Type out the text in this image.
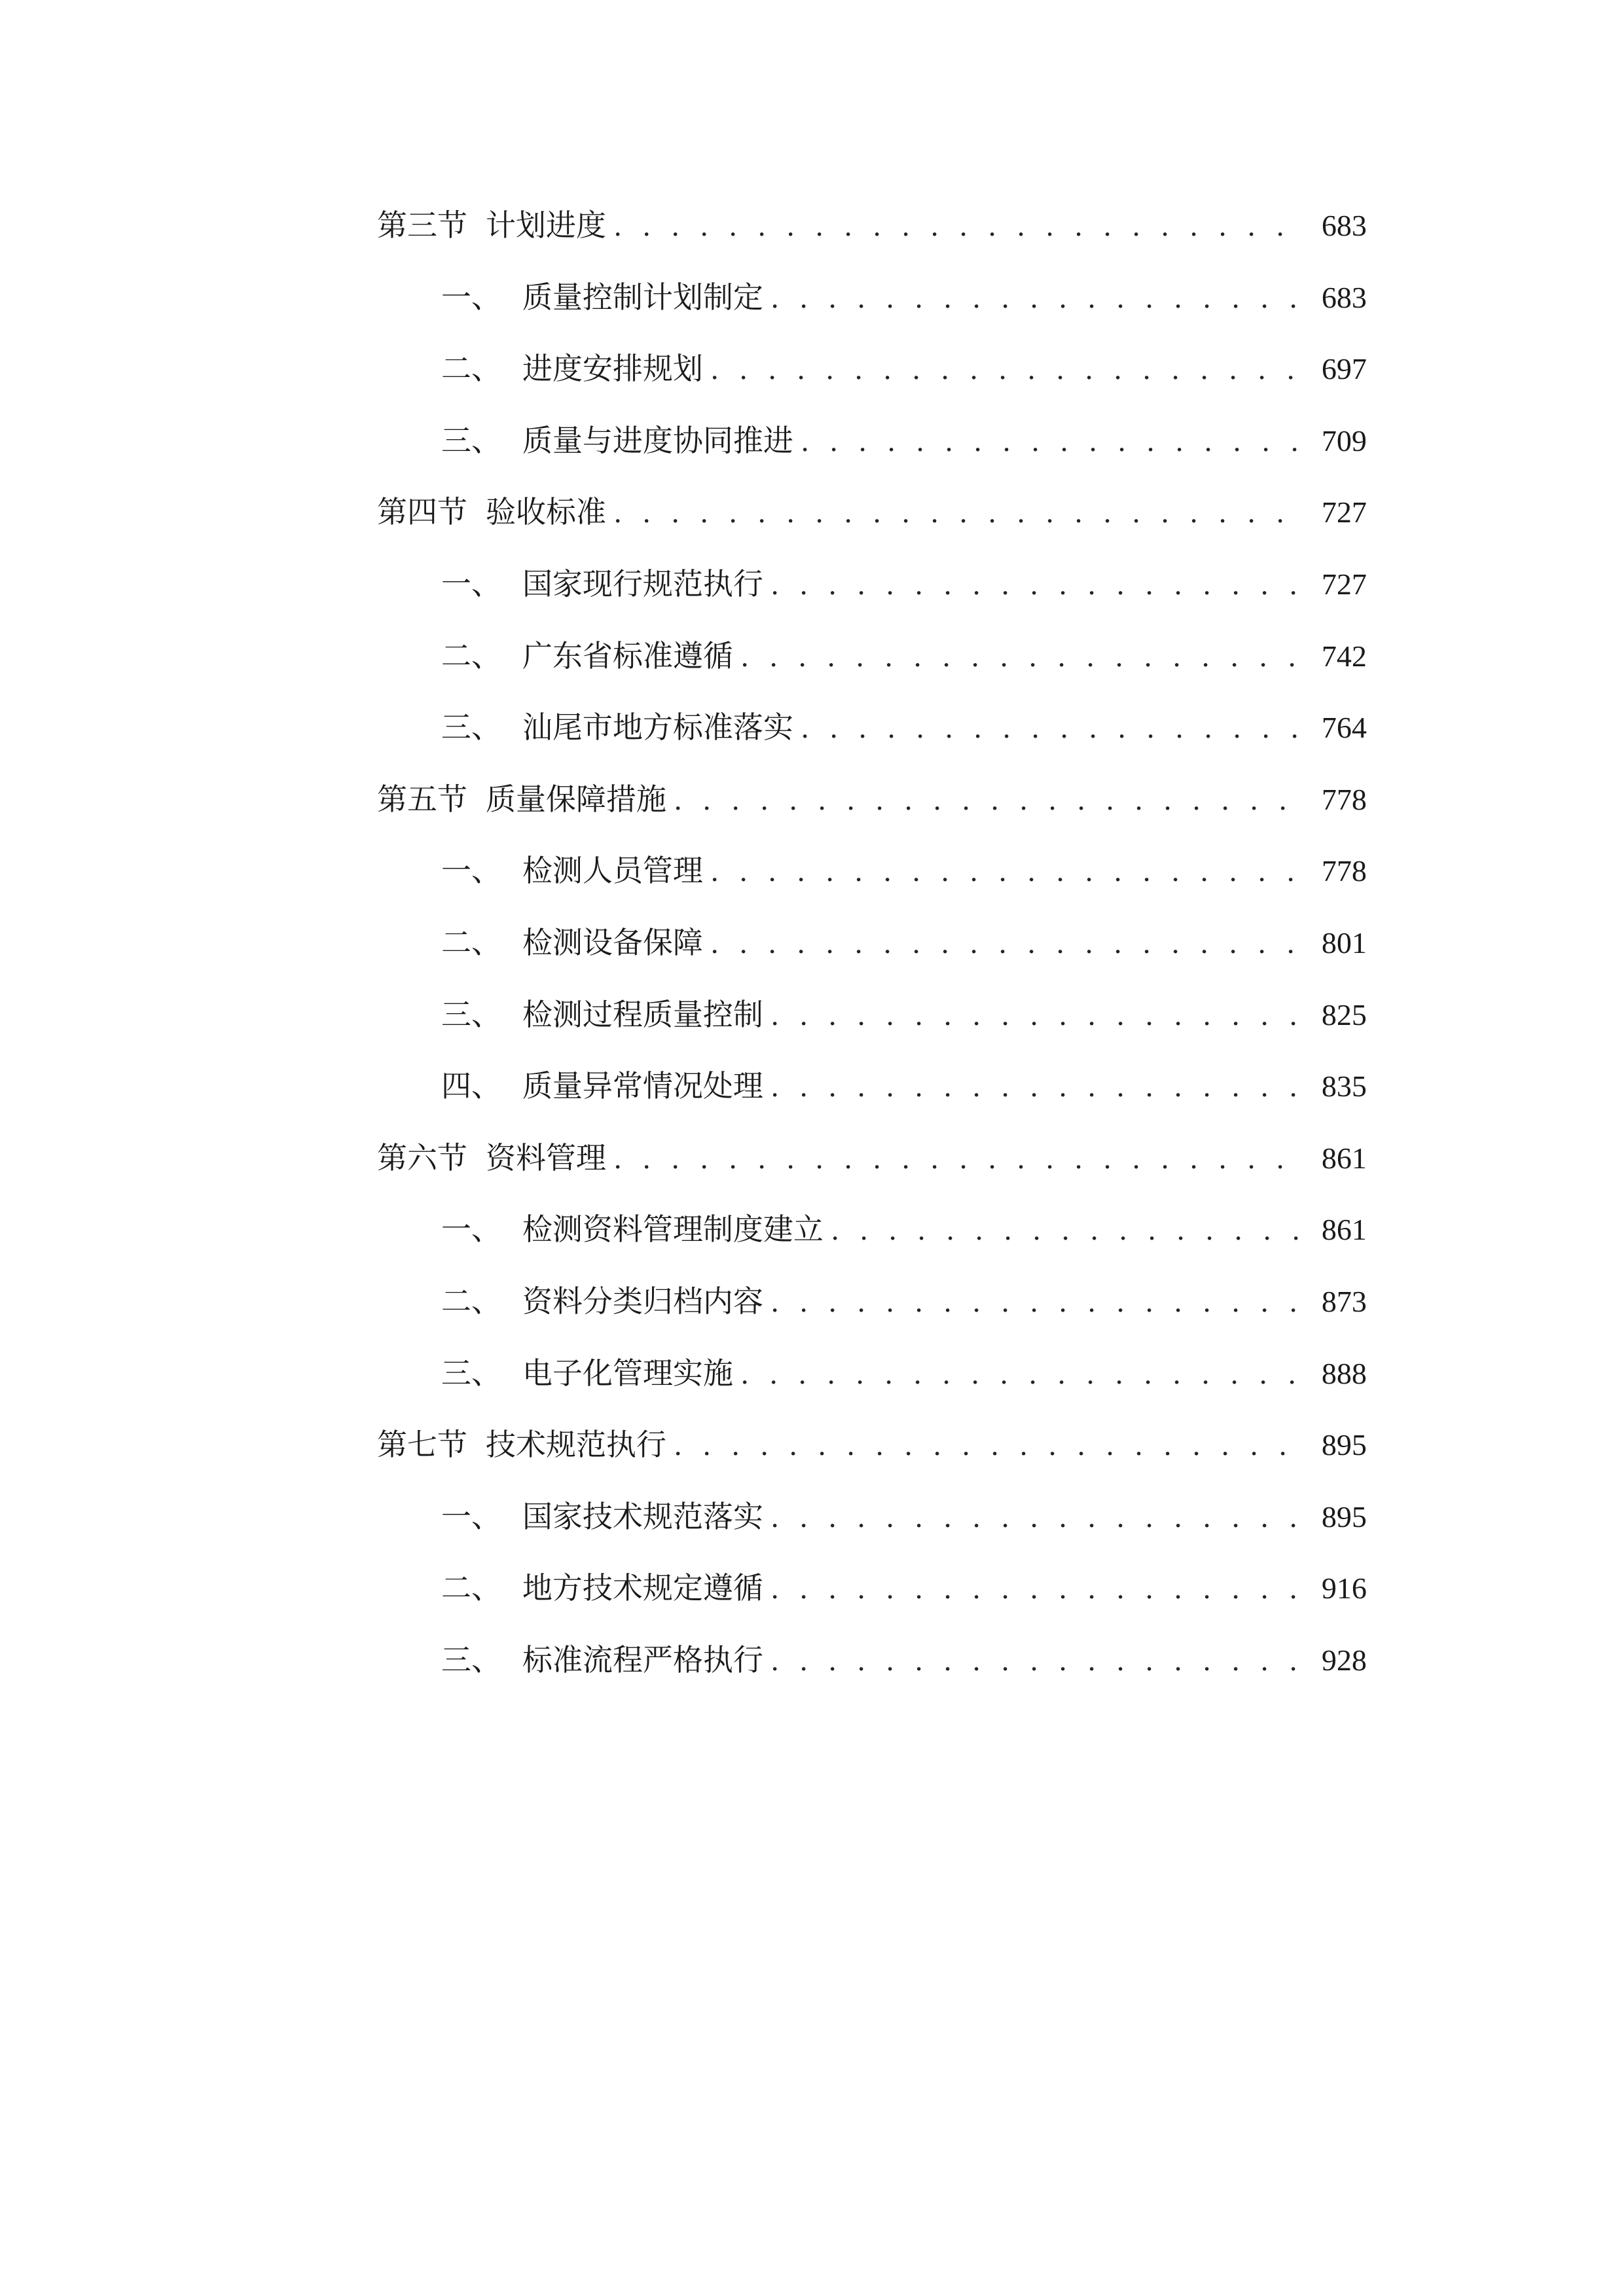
第三节 计划进度 . . .	683
一、 质量控制计划制定 . . .	683
二、 进度安排规划 . . .	697
三、 质量与进度协同推进 . . .	709
第四节 验收标准 . . .	727
一、 国家现行规范执行 . . .	727
二、 广东省标准遵循 . . .	742
三、 汕尾市地方标准落实 . . .	764
第五节 质量保障措施 . . .	778
一、 检测人员管理 . . .	778
二、 检测设备保障 . . .	801
三、 检测过程质量控制 . . .	825
四、 质量异常情况处理 . . .	835
第六节 资料管理 . . .	861
一、 检测资料管理制度建立 . . .	861
二、 资料分类归档内容 . . .	873
三、 电子化管理实施 . . .	888
第七节 技术规范执行 . . .	895
一、 国家技术规范落实 . . .	895
二、 地方技术规定遵循 . . .	916
三、 标准流程严格执行 . . .	928
